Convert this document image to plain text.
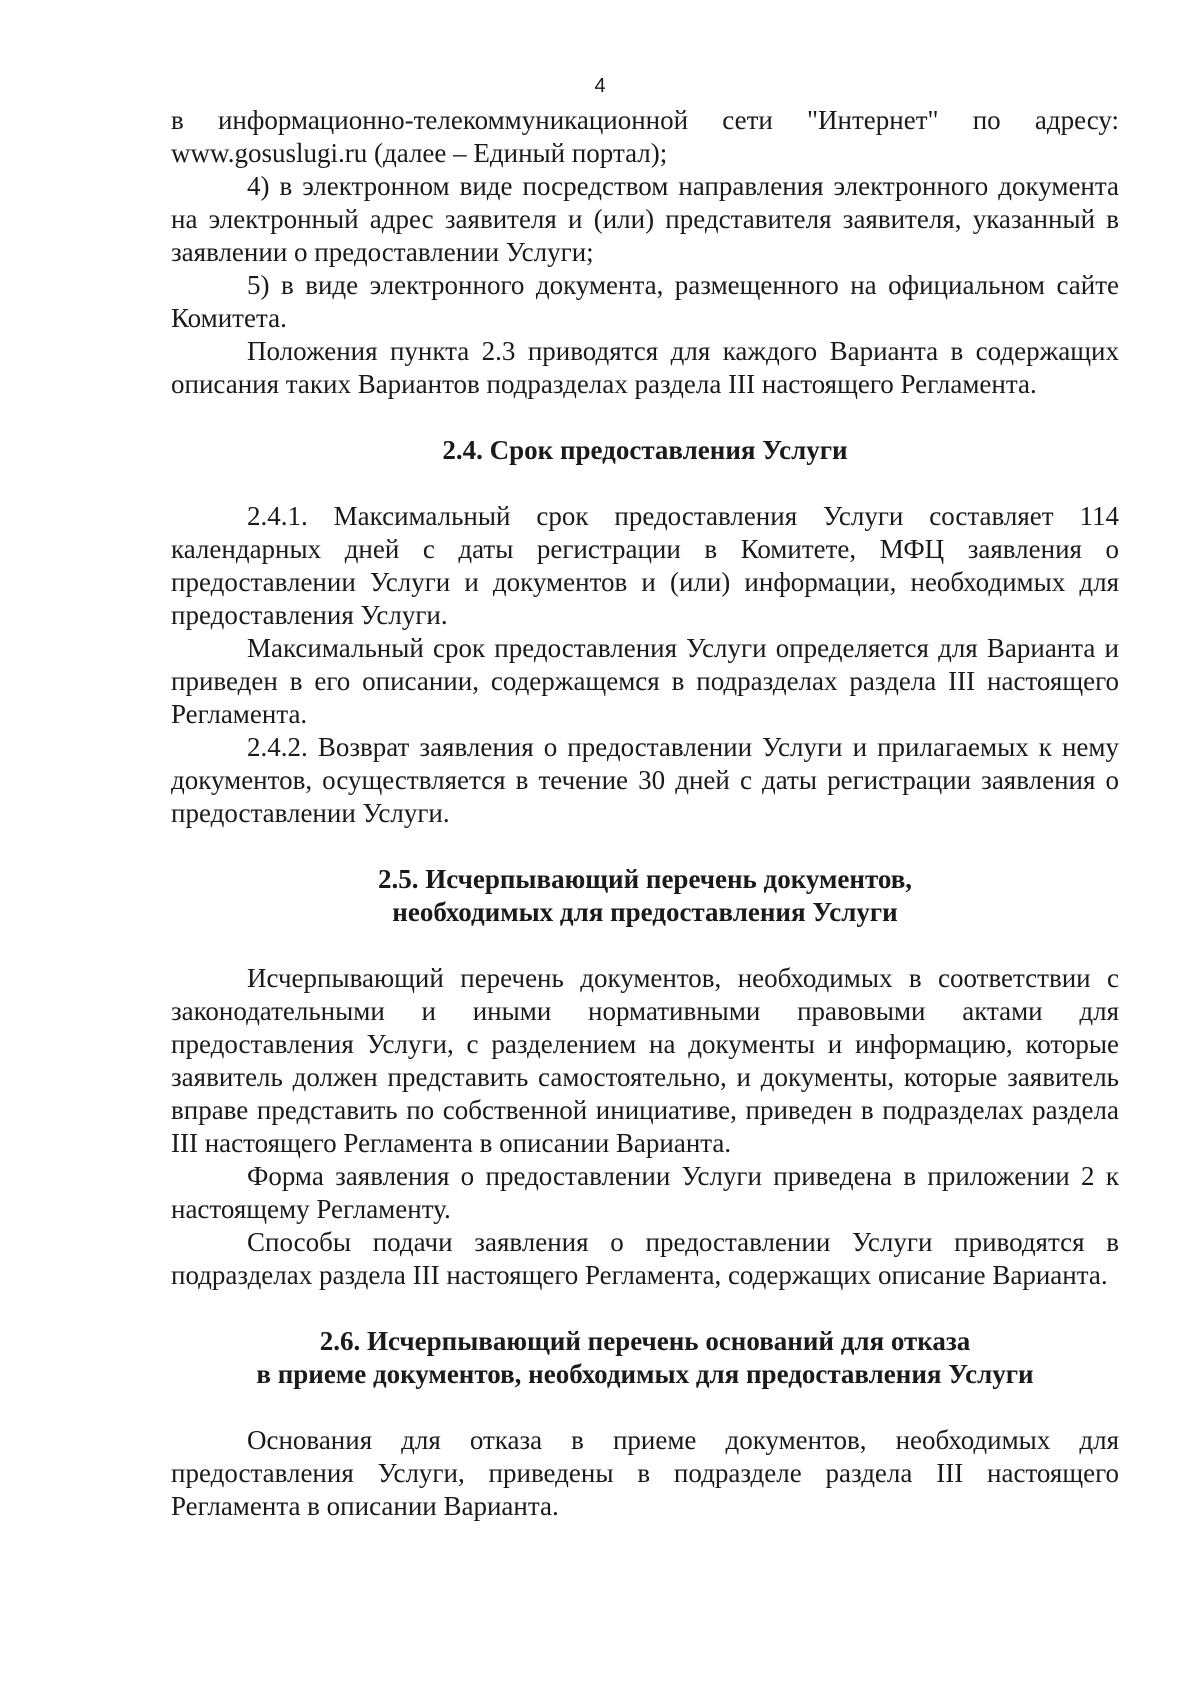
4

в информационно-телекоммуникационной сети "Интернет" по адресу: www.gosuslugi.ru (далее – Единый портал);

4) в электронном виде посредством направления электронного документа на электронный адрес заявителя и (или) представителя заявителя, указанный в заявлении о предоставлении Услуги;

5) в виде электронного документа, размещенного на официальном сайте Комитета.

Положения пункта 2.3 приводятся для каждого Варианта в содержащих описания таких Вариантов подразделах раздела III настоящего Регламента.

2.4. Срок предоставления Услуги

2.4.1. Максимальный срок предоставления Услуги составляет 114 календарных дней с даты регистрации в Комитете, МФЦ заявления о предоставлении Услуги и документов и (или) информации, необходимых для предоставления Услуги.

Максимальный срок предоставления Услуги определяется для Варианта и приведен в его описании, содержащемся в подразделах раздела III настоящего Регламента.

2.4.2. Возврат заявления о предоставлении Услуги и прилагаемых к нему документов, осуществляется в течение 30 дней с даты регистрации заявления о предоставлении Услуги.

2.5. Исчерпывающий перечень документов,
необходимых для предоставления Услуги

Исчерпывающий перечень документов, необходимых в соответствии с законодательными и иными нормативными правовыми актами для предоставления Услуги, с разделением на документы и информацию, которые заявитель должен представить самостоятельно, и документы, которые заявитель вправе представить по собственной инициативе, приведен в подразделах раздела III настоящего Регламента в описании Варианта.

Форма заявления о предоставлении Услуги приведена в приложении 2 к настоящему Регламенту.

Способы подачи заявления о предоставлении Услуги приводятся в подразделах раздела III настоящего Регламента, содержащих описание Варианта.

2.6. Исчерпывающий перечень оснований для отказа
в приеме документов, необходимых для предоставления Услуги

Основания для отказа в приеме документов, необходимых для предоставления Услуги, приведены в подразделе раздела III настоящего Регламента в описании Варианта.
